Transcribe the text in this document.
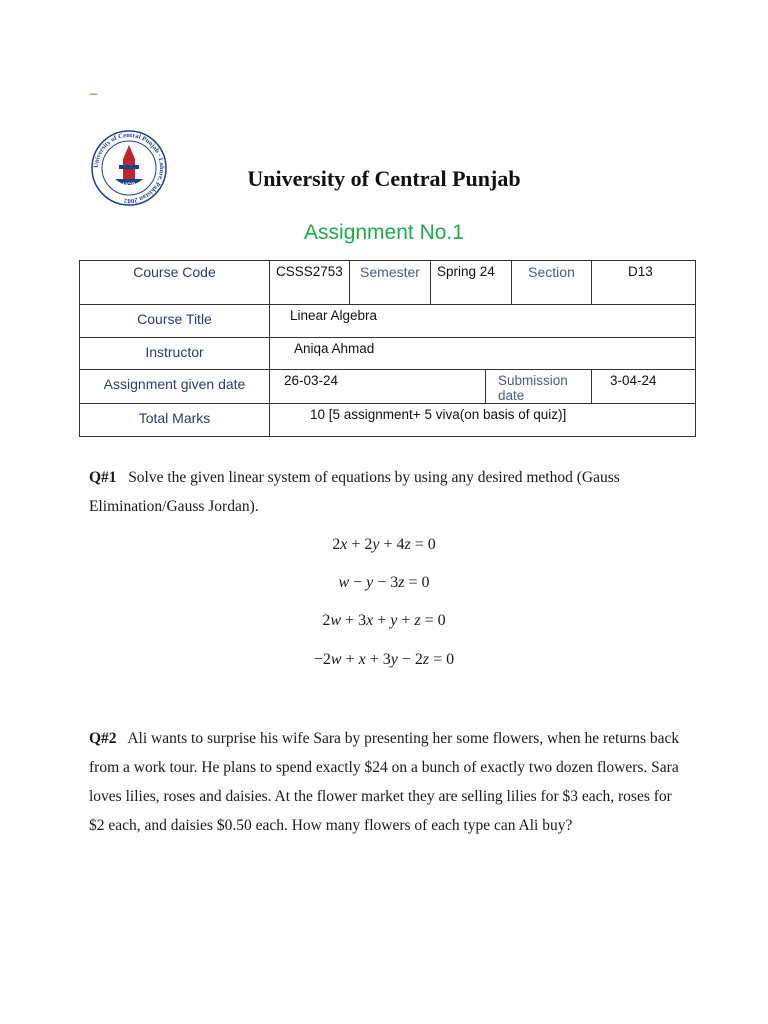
_
University of Central Punjab · Lahore, Pakistan 2002
UCP	University of Central Punjab
Assignment No.1
Course Code	CSSS2753	Semester	Spring 24		Section	D13

Course Title	Linear Algebra					

Instructor	Aniqa Ahmad					

Assignment given date	26-03-24			Submission date		3-04-24

Total Marks	10 [5 assignment+ 5 viva(on basis of quiz)]					
Q#1 Solve the given linear system of equations by using any desired method (Gauss Elimination/Gauss Jordan).
2x + 2y + 4z = 0
w − y − 3z = 0
2w + 3x + y + z = 0
−2w + x + 3y − 2z = 0
Q#2 Ali wants to surprise his wife Sara by presenting her some flowers, when he returns back from a work tour. He plans to spend exactly $24 on a bunch of exactly two dozen flowers. Sara loves lilies, roses and daisies. At the flower market they are selling lilies for $3 each, roses for $2 each, and daisies $0.50 each. How many flowers of each type can Ali buy?
